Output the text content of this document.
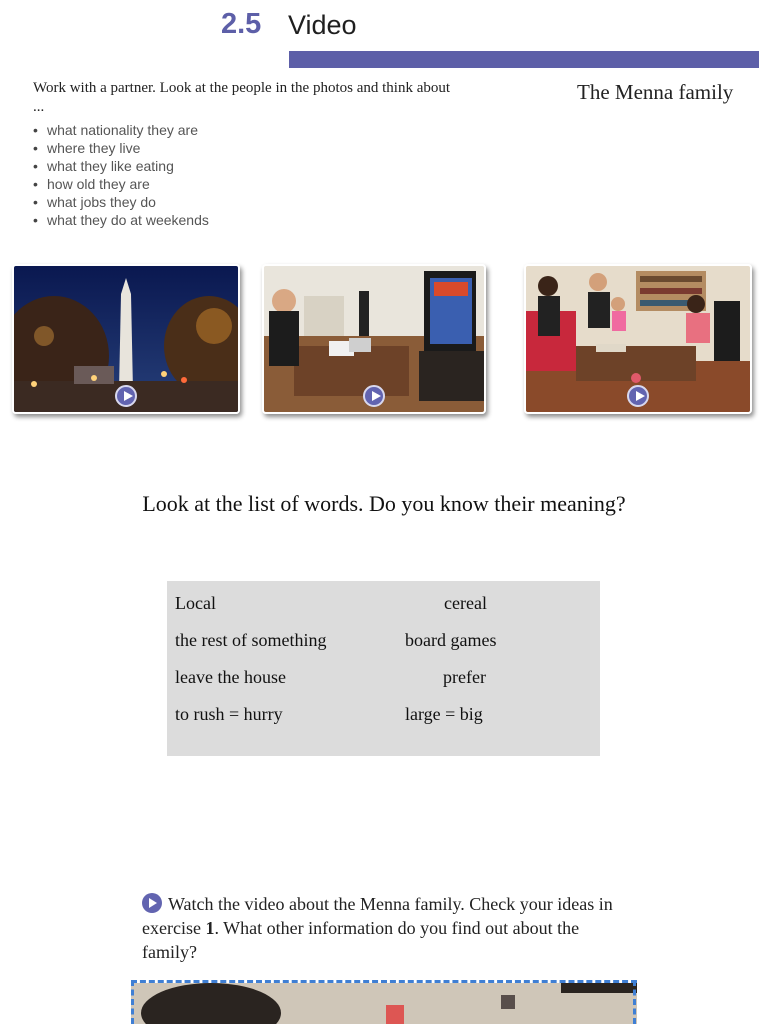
2.5 Video
Work with a partner. Look at the people in the photos and think about ...
• what nationality they are
• where they live
• what they like eating
• how old they are
• what jobs they do
• what they do at weekends
The Menna family
Look at the list of words. Do you know their meaning?
Local
the rest of something
leave the house
to rush = hurry
cereal
board games
prefer
large = big
Watch the video about the Menna family. Check your ideas in exercise 1. What other information do you find out about the family?
